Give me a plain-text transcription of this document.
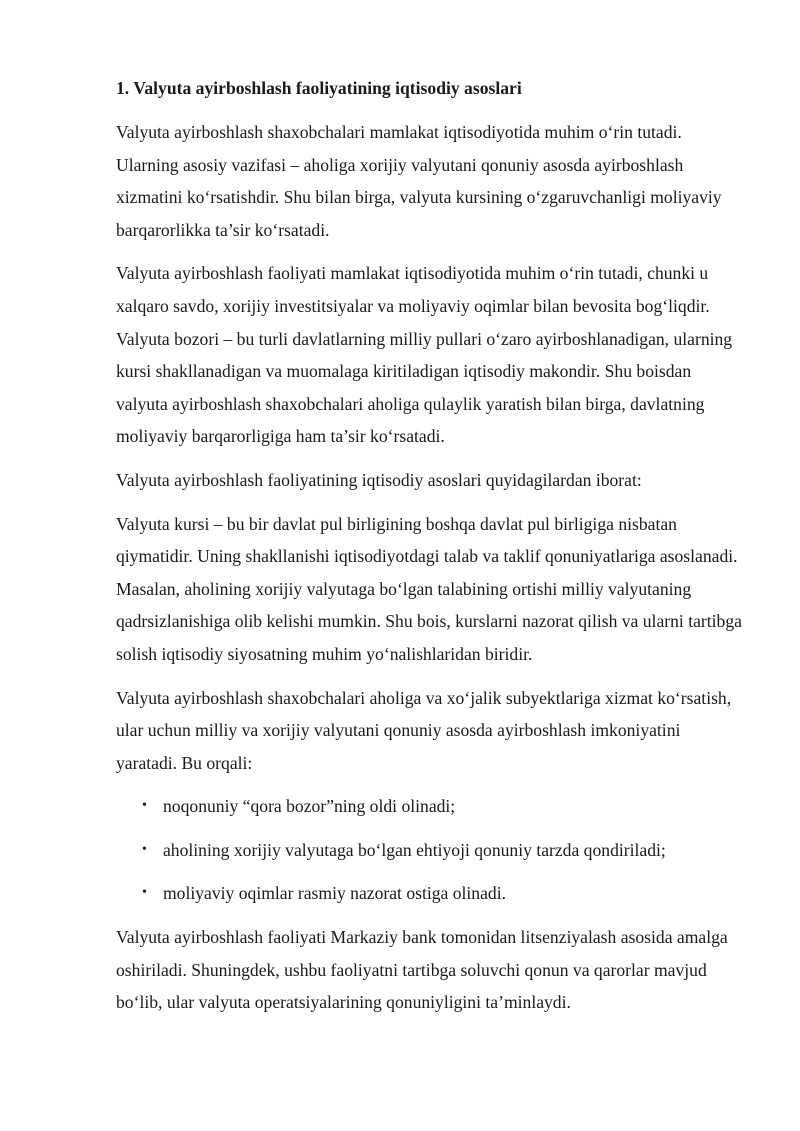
1. Valyuta ayirboshlash faoliyatining iqtisodiy asoslari

Valyuta ayirboshlash shaxobchalari mamlakat iqtisodiyotida muhim o‘rin tutadi. Ularning asosiy vazifasi – aholiga xorijiy valyutani qonuniy asosda ayirboshlash xizmatini ko‘rsatishdir. Shu bilan birga, valyuta kursining o‘zgaruvchanligi moliyaviy barqarorlikka ta’sir ko‘rsatadi.

Valyuta ayirboshlash faoliyati mamlakat iqtisodiyotida muhim o‘rin tutadi, chunki u xalqaro savdo, xorijiy investitsiyalar va moliyaviy oqimlar bilan bevosita bog‘liqdir. Valyuta bozori – bu turli davlatlarning milliy pullari o‘zaro ayirboshlanadigan, ularning kursi shakllanadigan va muomalaga kiritiladigan iqtisodiy makondir. Shu boisdan valyuta ayirboshlash shaxobchalari aholiga qulaylik yaratish bilan birga, davlatning moliyaviy barqarorligiga ham ta’sir ko‘rsatadi.

Valyuta ayirboshlash faoliyatining iqtisodiy asoslari quyidagilardan iborat:

Valyuta kursi – bu bir davlat pul birligining boshqa davlat pul birligiga nisbatan qiymatidir. Uning shakllanishi iqtisodiyotdagi talab va taklif qonuniyatlariga asoslanadi. Masalan, aholining xorijiy valyutaga bo‘lgan talabining ortishi milliy valyutaning qadrsizlanishiga olib kelishi mumkin. Shu bois, kurslarni nazorat qilish va ularni tartibga solish iqtisodiy siyosatning muhim yo‘nalishlaridan biridir.

Valyuta ayirboshlash shaxobchalari aholiga va xo‘jalik subyektlariga xizmat ko‘rsatish, ular uchun milliy va xorijiy valyutani qonuniy asosda ayirboshlash imkoniyatini yaratadi. Bu orqali:

• noqonuniy “qora bozor”ning oldi olinadi;
• aholining xorijiy valyutaga bo‘lgan ehtiyoji qonuniy tarzda qondiriladi;
• moliyaviy oqimlar rasmiy nazorat ostiga olinadi.

Valyuta ayirboshlash faoliyati Markaziy bank tomonidan litsenziyalash asosida amalga oshiriladi. Shuningdek, ushbu faoliyatni tartibga soluvchi qonun va qarorlar mavjud bo‘lib, ular valyuta operatsiyalarining qonuniyligini ta’minlaydi.
